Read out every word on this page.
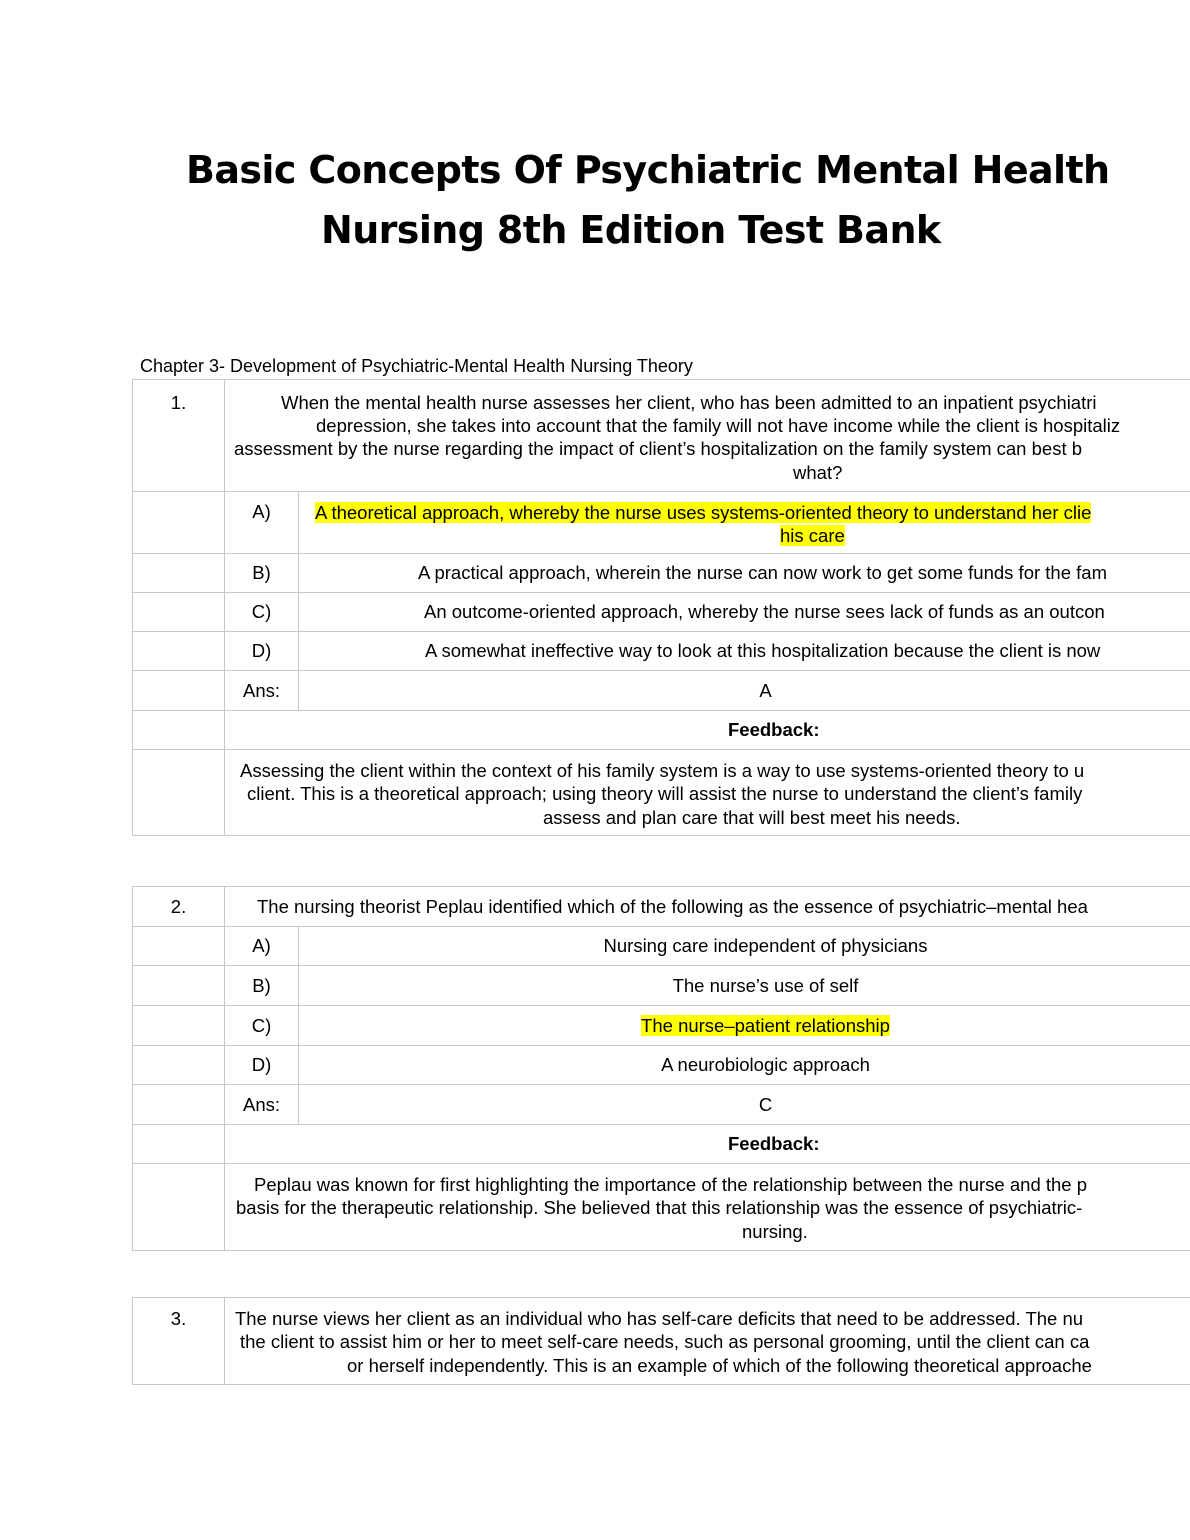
Basic Concepts Of Psychiatric Mental Health
Nursing 8th Edition Test Bank
Chapter 3- Development of Psychiatric-Mental Health Nursing Theory
1.	When the mental health nurse assesses her client, who has been admitted to an inpatient psychiatri
depression, she takes into account that the family will not have income while the client is hospitaliz
assessment by the nurse regarding the impact of client’s hospitalization on the family system can best b
what?	

	A)	A theoretical approach, whereby the nurse uses systems-oriented theory to understand her clie
his care

	B)	A practical approach, wherein the nurse can now work to get some funds for the fam
	C)	An outcome-oriented approach, whereby the nurse sees lack of funds as an outcon
	D)	A somewhat ineffective way to look at this hospitalization because the client is now
	Ans:	A
	Feedback:	

	Assessing the client within the context of his family system is a way to use systems-oriented theory to u
client. This is a theoretical approach; using theory will assist the nurse to understand the client’s family
assess and plan care that will best meet his needs.	
2.	The nursing theorist Peplau identified which of the following as the essence of psychiatric–mental hea	
	A)	Nursing care independent of physicians
	B)	The nurse’s use of self
	C)	The nurse–patient relationship
	D)	A neurobiologic approach
	Ans:	C
	Feedback:	

	Peplau was known for first highlighting the importance of the relationship between the nurse and the p
basis for the therapeutic relationship. She believed that this relationship was the essence of psychiatric-
nursing.	
3.	The nurse views her client as an individual who has self-care deficits that need to be addressed. The nu
the client to assist him or her to meet self-care needs, such as personal grooming, until the client can ca
or herself independently. This is an example of which of the following theoretical approache
